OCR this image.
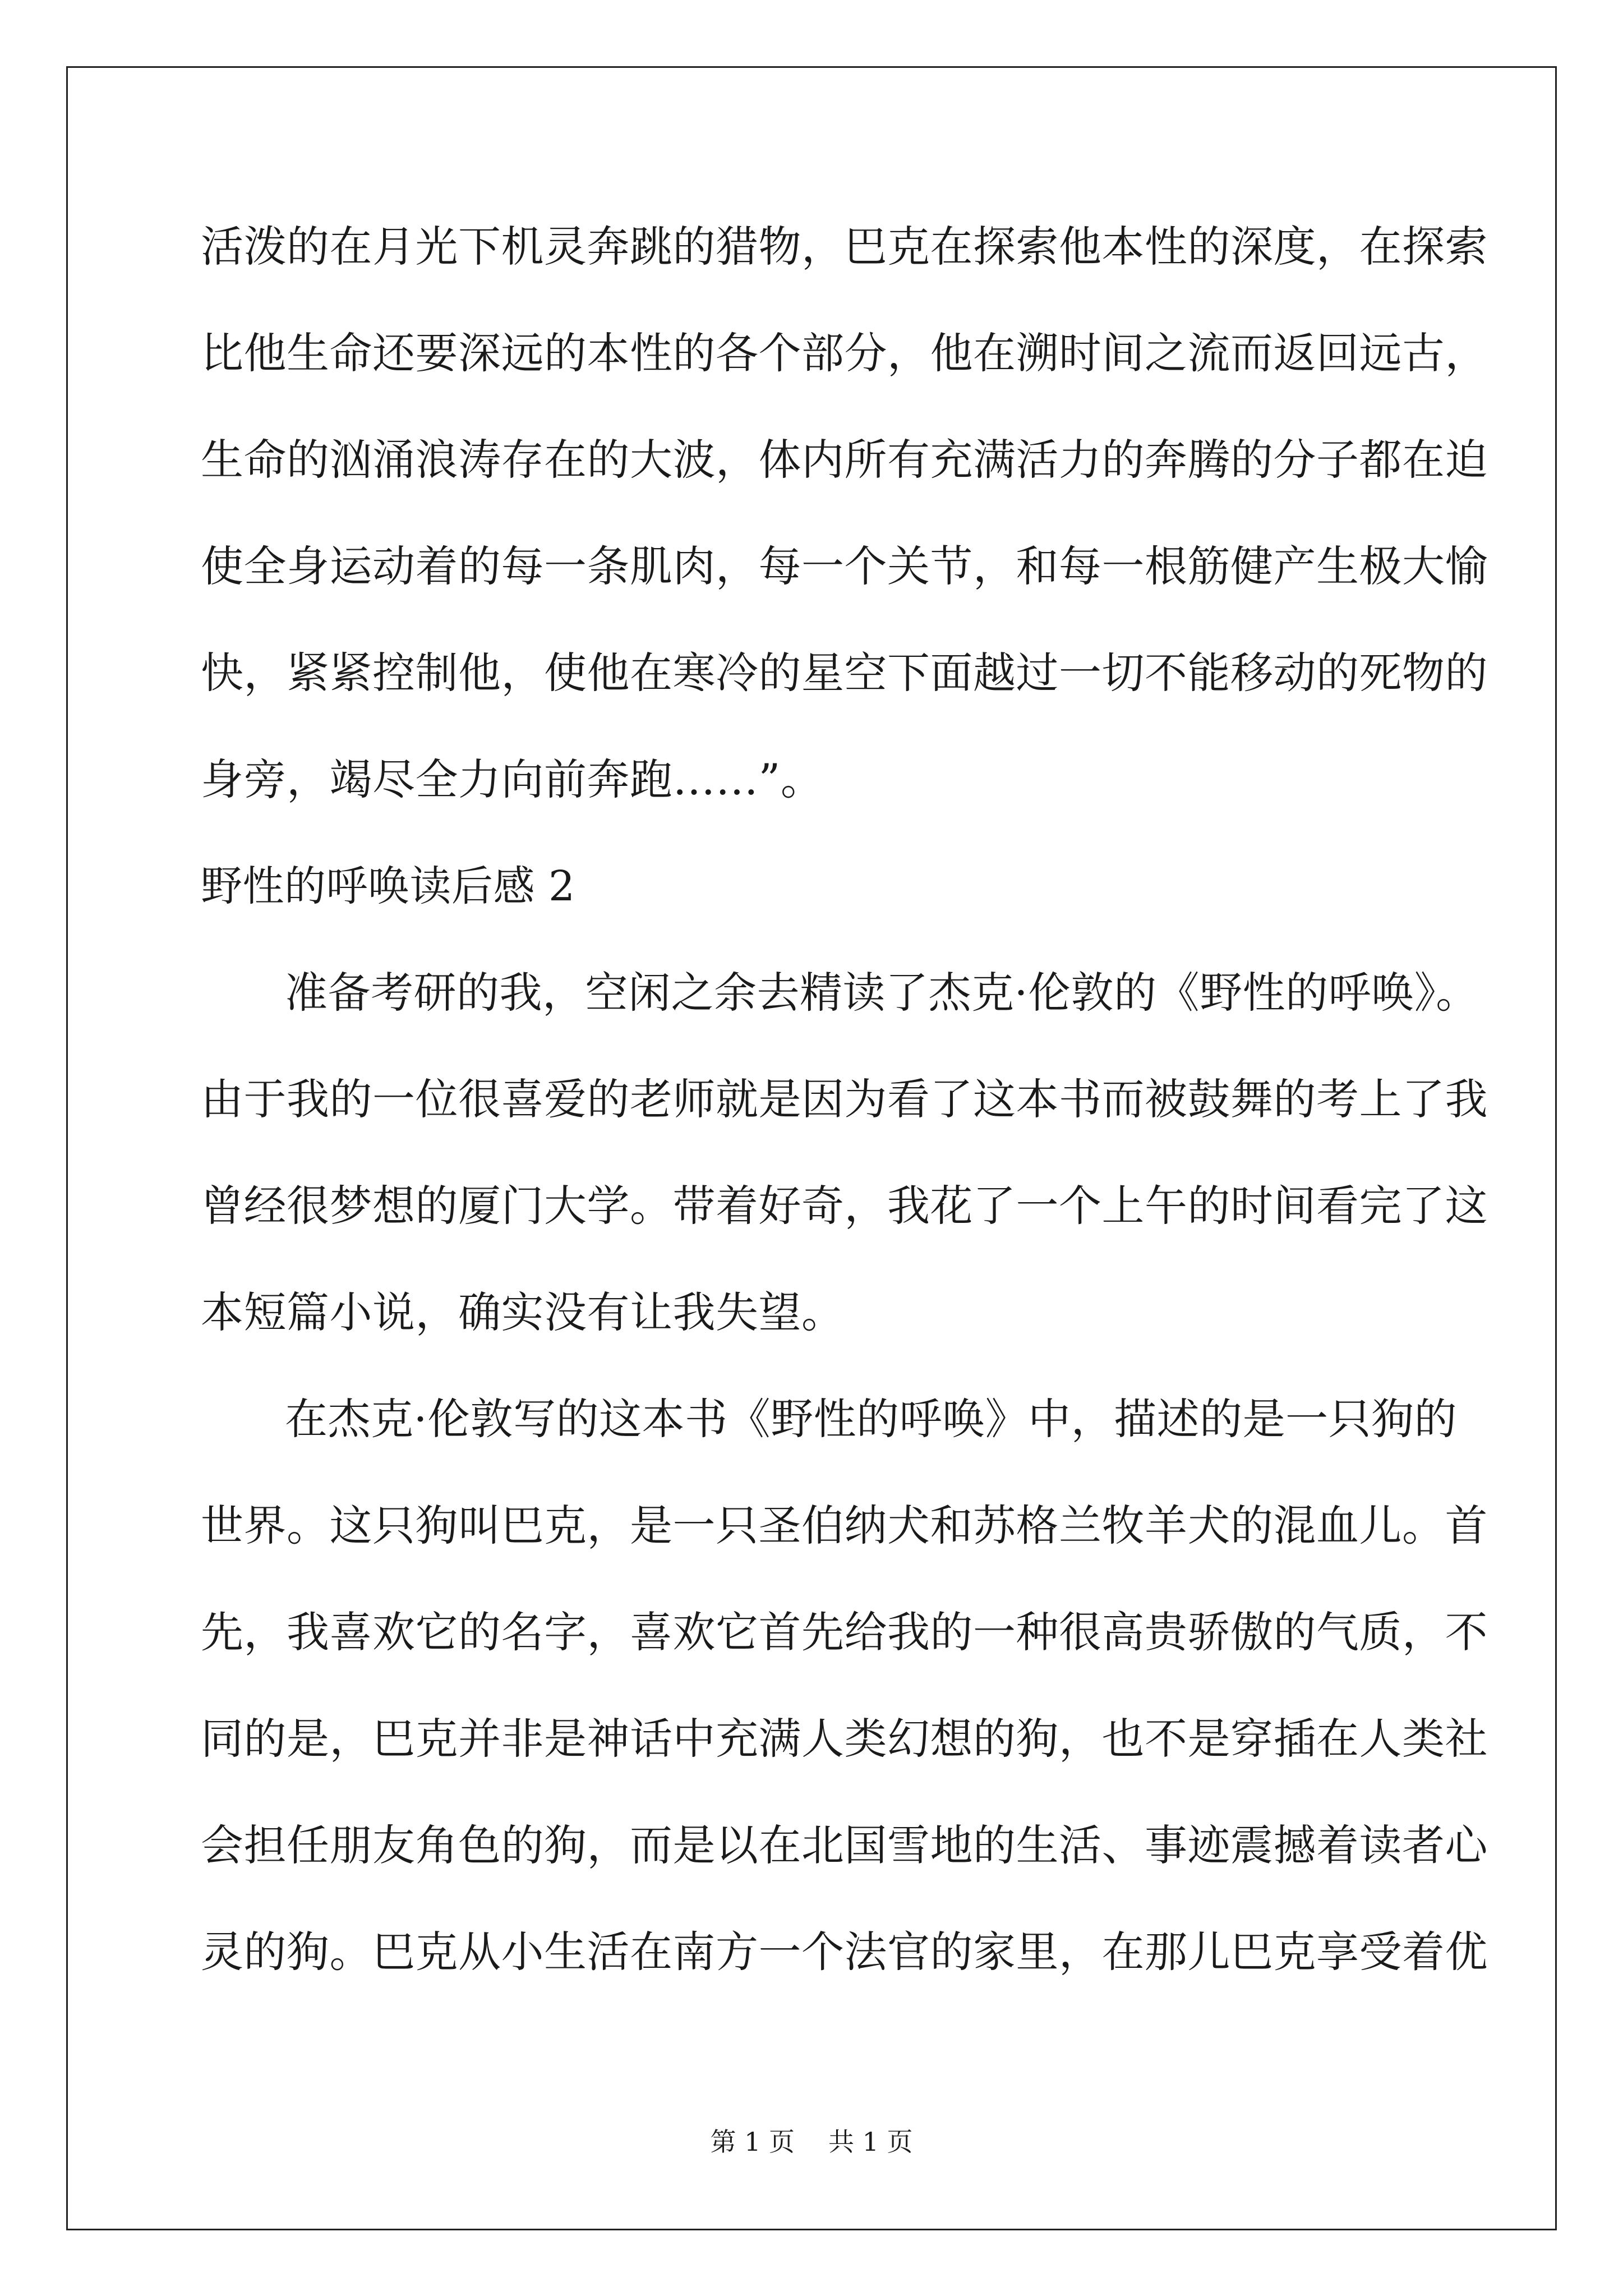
活泼的在月光下机灵奔跳的猎物，巴克在探索他本性的深度，在探索
比他生命还要深远的本性的各个部分，他在溯时间之流而返回远古，
生命的汹涌浪涛存在的大波，体内所有充满活力的奔腾的分子都在迫
使全身运动着的每一条肌肉，每一个关节，和每一根筋健产生极大愉
快，紧紧控制他，使他在寒冷的星空下面越过一切不能移动的死物的
身旁，竭尽全力向前奔跑……”。
野性的呼唤读后感 2
准备考研的我，空闲之余去精读了杰克·伦敦的《野性的呼唤》。
由于我的一位很喜爱的老师就是因为看了这本书而被鼓舞的考上了我
曾经很梦想的厦门大学。带着好奇，我花了一个上午的时间看完了这
本短篇小说，确实没有让我失望。
在杰克·伦敦写的这本书《野性的呼唤》中，描述的是一只狗的
世界。这只狗叫巴克，是一只圣伯纳犬和苏格兰牧羊犬的混血儿。首
先，我喜欢它的名字，喜欢它首先给我的一种很高贵骄傲的气质，不
同的是，巴克并非是神话中充满人类幻想的狗，也不是穿插在人类社
会担任朋友角色的狗，而是以在北国雪地的生活、事迹震撼着读者心
灵的狗。巴克从小生活在南方一个法官的家里，在那儿巴克享受着优
第 1 页 共 1 页
